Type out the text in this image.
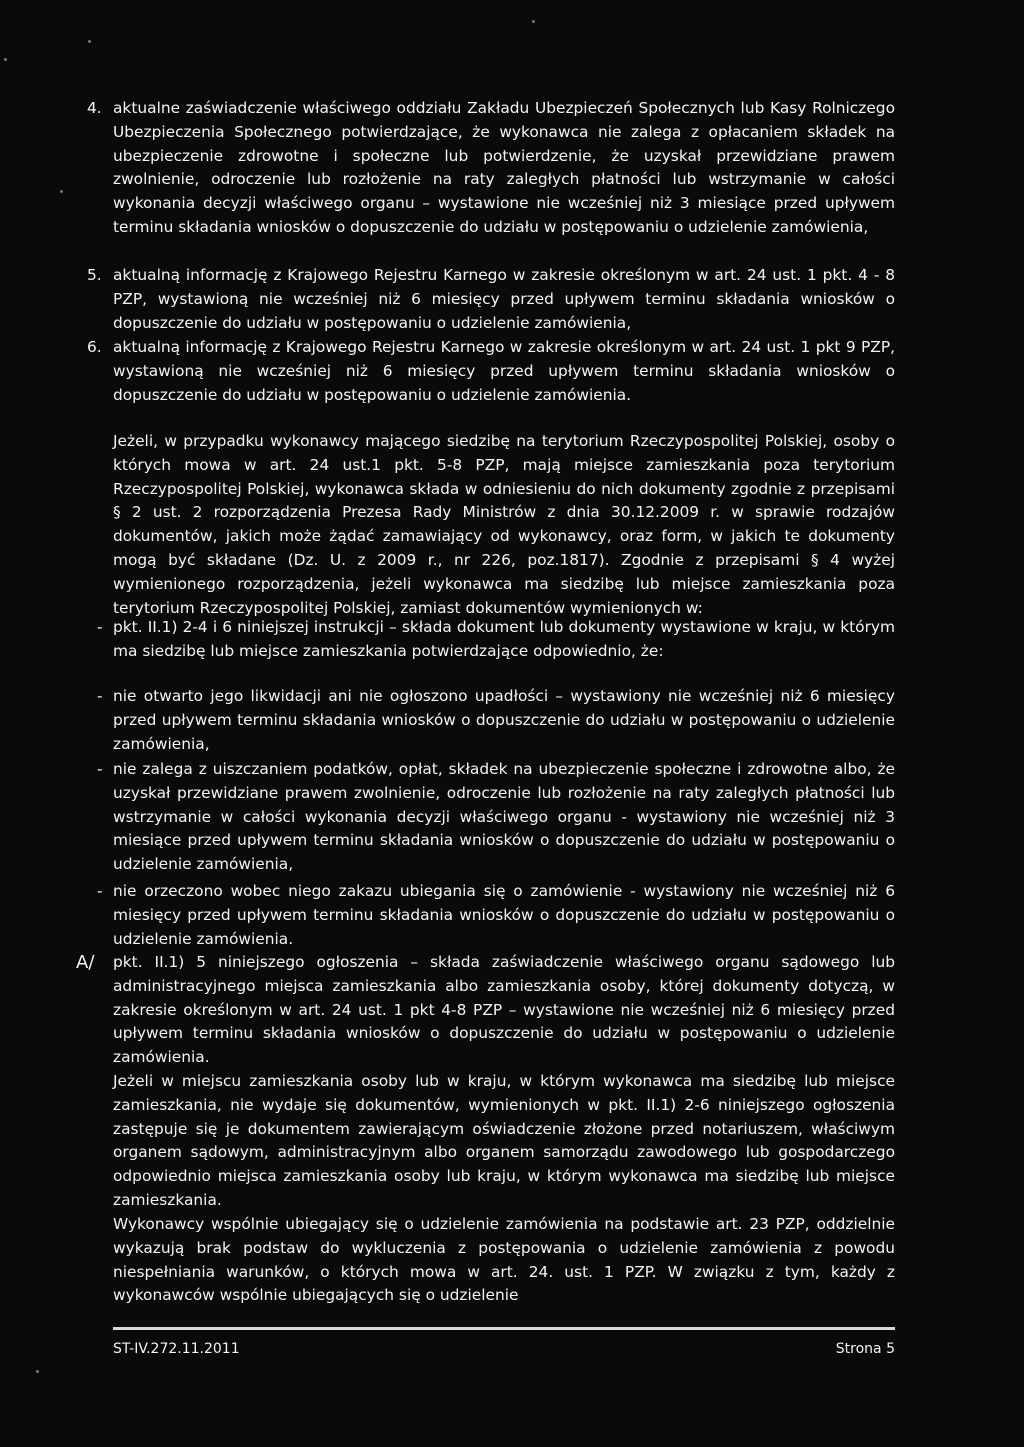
4. aktualne zaświadczenie właściwego oddziału Zakładu Ubezpieczeń Społecznych lub Kasy Rolniczego Ubezpieczenia Społecznego potwierdzające, że wykonawca nie zalega z opłacaniem składek na ubezpieczenie zdrowotne i społeczne lub potwierdzenie, że uzyskał przewidziane prawem zwolnienie, odroczenie lub rozłożenie na raty zaległych płatności lub wstrzymanie w całości wykonania decyzji właściwego organu – wystawione nie wcześniej niż 3 miesiące przed upływem terminu składania wniosków o dopuszczenie do udziału w postępowaniu o udzielenie zamówienia,
5. aktualną informację z Krajowego Rejestru Karnego w zakresie określonym w art. 24 ust. 1 pkt. 4 - 8 PZP, wystawioną nie wcześniej niż 6 miesięcy przed upływem terminu składania wniosków o dopuszczenie do udziału w postępowaniu o udzielenie zamówienia,
6. aktualną informację z Krajowego Rejestru Karnego w zakresie określonym w art. 24 ust. 1 pkt 9 PZP, wystawioną nie wcześniej niż 6 miesięcy przed upływem terminu składania wniosków o dopuszczenie do udziału w postępowaniu o udzielenie zamówienia.

Jeżeli, w przypadku wykonawcy mającego siedzibę na terytorium Rzeczypospolitej Polskiej, osoby o których mowa w art. 24 ust.1 pkt. 5-8 PZP, mają miejsce zamieszkania poza terytorium Rzeczypospolitej Polskiej, wykonawca składa w odniesieniu do nich dokumenty zgodnie z przepisami § 2 ust. 2 rozporządzenia Prezesa Rady Ministrów z dnia 30.12.2009 r. w sprawie rodzajów dokumentów, jakich może żądać zamawiający od wykonawcy, oraz form, w jakich te dokumenty mogą być składane (Dz. U. z 2009 r., nr 226, poz.1817). Zgodnie z przepisami § 4 wyżej wymienionego rozporządzenia, jeżeli wykonawca ma siedzibę lub miejsce zamieszkania poza terytorium Rzeczypospolitej Polskiej, zamiast dokumentów wymienionych w:

- pkt. II.1) 2-4 i 6 niniejszej instrukcji – składa dokument lub dokumenty wystawione w kraju, w którym ma siedzibę lub miejsce zamieszkania potwierdzające odpowiednio, że:
- nie otwarto jego likwidacji ani nie ogłoszono upadłości – wystawiony nie wcześniej niż 6 miesięcy przed upływem terminu składania wniosków o dopuszczenie do udziału w postępowaniu o udzielenie zamówienia,
- nie zalega z uiszczaniem podatków, opłat, składek na ubezpieczenie społeczne i zdrowotne albo, że uzyskał przewidziane prawem zwolnienie, odroczenie lub rozłożenie na raty zaległych płatności lub wstrzymanie w całości wykonania decyzji właściwego organu - wystawiony nie wcześniej niż 3 miesiące przed upływem terminu składania wniosków o dopuszczenie do udziału w postępowaniu o udzielenie zamówienia,
- nie orzeczono wobec niego zakazu ubiegania się o zamówienie - wystawiony nie wcześniej niż 6 miesięcy przed upływem terminu składania wniosków o dopuszczenie do udziału w postępowaniu o udzielenie zamówienia.
A/ pkt. II.1) 5 niniejszego ogłoszenia – składa zaświadczenie właściwego organu sądowego lub administracyjnego miejsca zamieszkania albo zamieszkania osoby, której dokumenty dotyczą, w zakresie określonym w art. 24 ust. 1 pkt 4-8 PZP – wystawione nie wcześniej niż 6 miesięcy przed upływem terminu składania wniosków o dopuszczenie do udziału w postępowaniu o udzielenie zamówienia.

Jeżeli w miejscu zamieszkania osoby lub w kraju, w którym wykonawca ma siedzibę lub miejsce zamieszkania, nie wydaje się dokumentów, wymienionych w pkt. II.1) 2-6 niniejszego ogłoszenia zastępuje się je dokumentem zawierającym oświadczenie złożone przed notariuszem, właściwym organem sądowym, administracyjnym albo organem samorządu zawodowego lub gospodarczego odpowiednio miejsca zamieszkania osoby lub kraju, w którym wykonawca ma siedzibę lub miejsce zamieszkania.

Wykonawcy wspólnie ubiegający się o udzielenie zamówienia na podstawie art. 23 PZP, oddzielnie wykazują brak podstaw do wykluczenia z postępowania o udzielenie zamówienia z powodu niespełniania warunków, o których mowa w art. 24. ust. 1 PZP. W związku z tym, każdy z wykonawców wspólnie ubiegających się o udzielenie

ST-IV.272.11.2011	Strona 5
